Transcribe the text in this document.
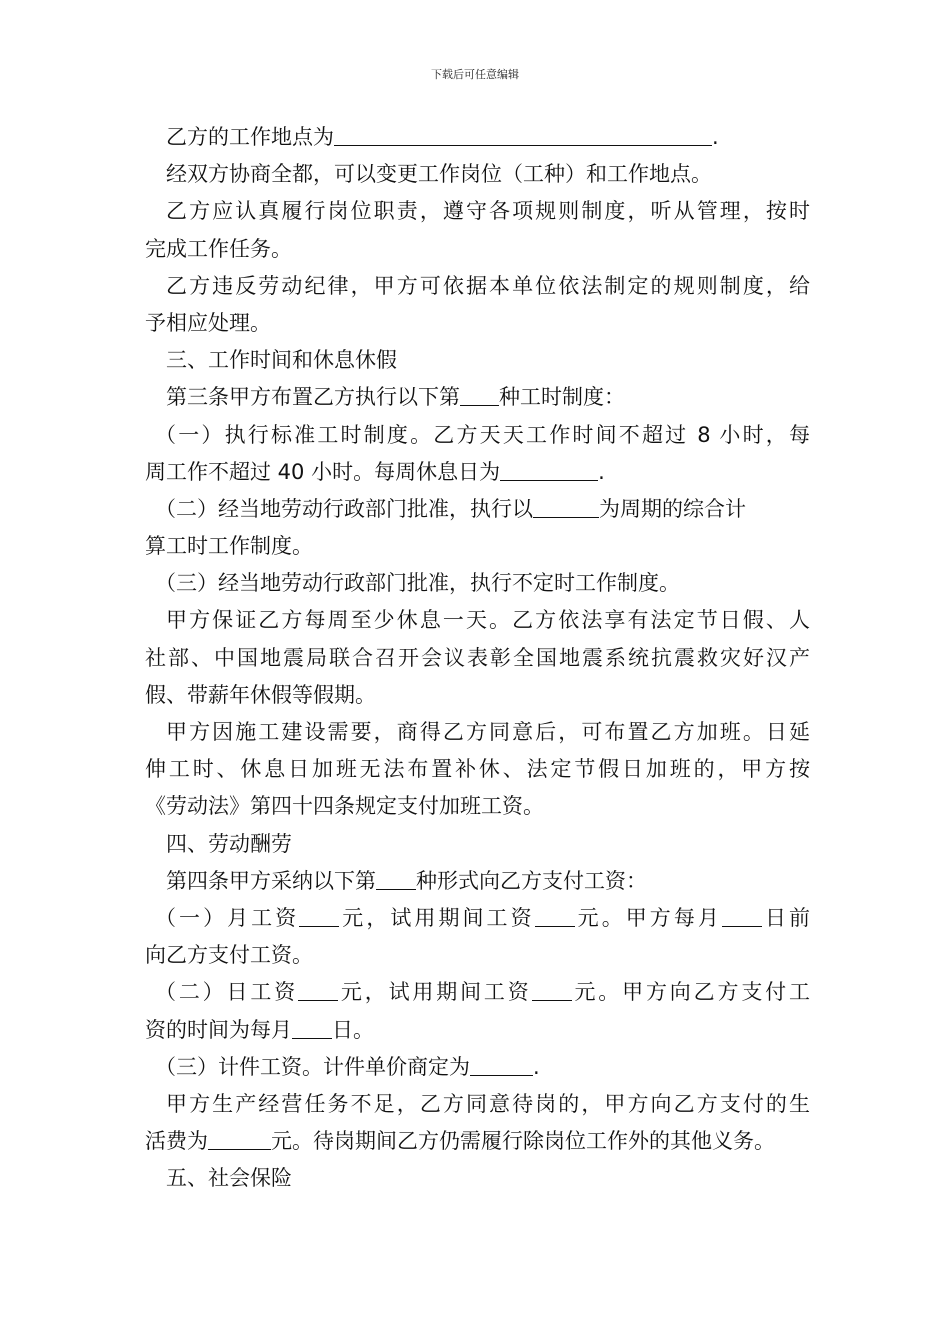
下载后可任意编辑
乙方的工作地点为	.
经双方协商全都，可以变更工作岗位（工种）和工作地点。
乙方应认真履行岗位职责，遵守各项规则制度，听从管理，按时
完成工作任务。
乙方违反劳动纪律，甲方可依据本单位依法制定的规则制度，给
予相应处理。
三、工作时间和休息休假
第三条甲方布置乙方执行以下第 种工时制度：
（一）执行标准工时制度。乙方天天工作时间不超过 8 小时，每
周工作不超过 40 小时。每周休息日为	.
（二）经当地劳动行政部门批准，执行以	为周期的综合计
算工时工作制度。
（三）经当地劳动行政部门批准，执行不定时工作制度。
甲方保证乙方每周至少休息一天。乙方依法享有法定节日假、人
社部、中国地震局联合召开会议表彰全国地震系统抗震救灾好汉产
假、带薪年休假等假期。
甲方因施工建设需要，商得乙方同意后，可布置乙方加班。日延
伸工时、休息日加班无法布置补休、法定节假日加班的，甲方按
《劳动法》第四十四条规定支付加班工资。
四、劳动酬劳
第四条甲方采纳以下第 种形式向乙方支付工资：
（一）月工资 元，试用期间工资 元。甲方每月 日前
向乙方支付工资。
（二）日工资 元，试用期间工资 元。甲方向乙方支付工
资的时间为每月 日。
（三）计件工资。计件单价商定为	.
甲方生产经营任务不足，乙方同意待岗的，甲方向乙方支付的生
活费为	元。待岗期间乙方仍需履行除岗位工作外的其他义务。
五、社会保险
